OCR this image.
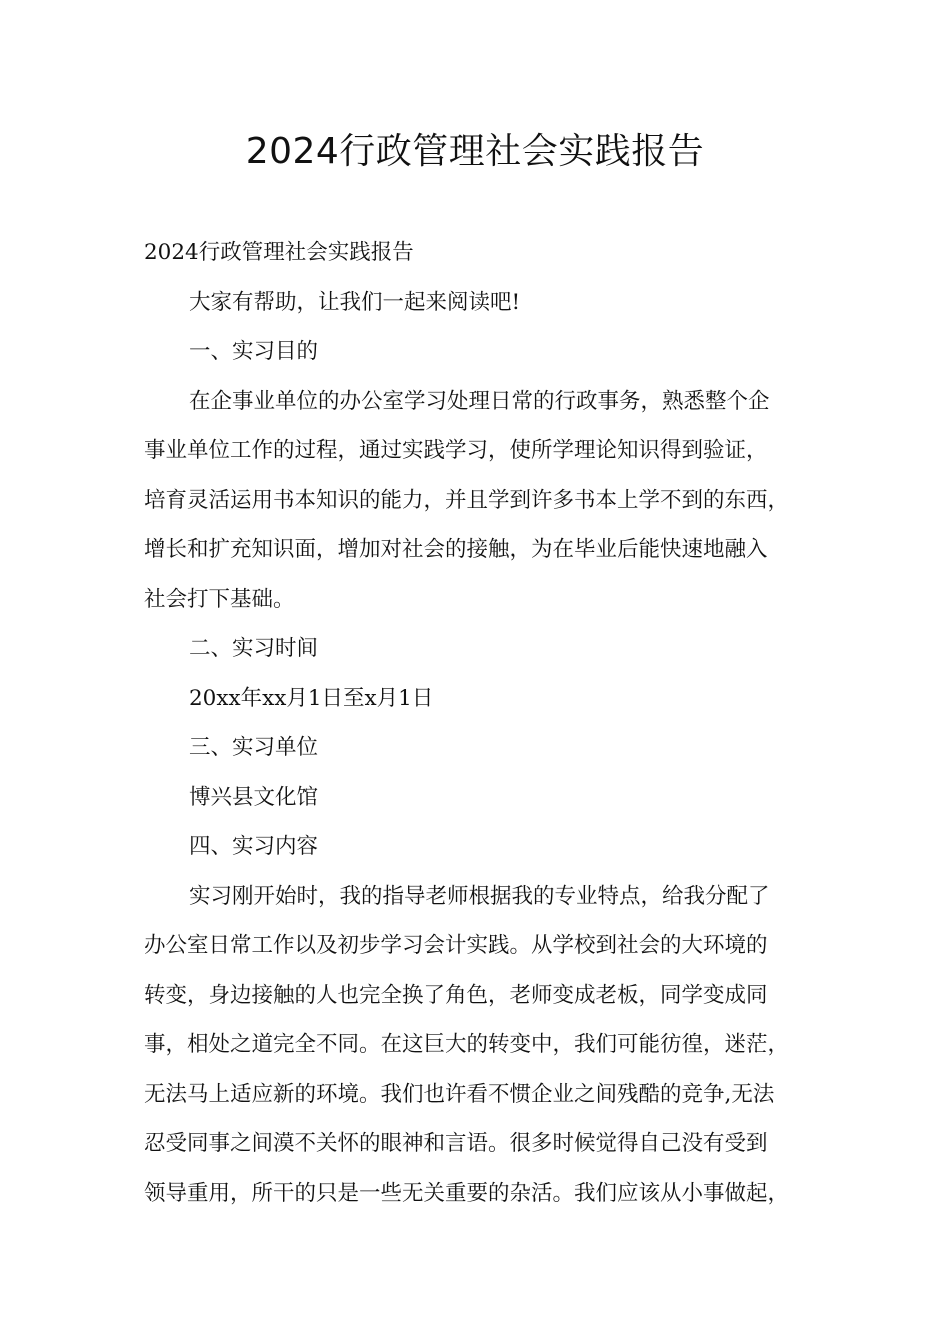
2024行政管理社会实践报告

2024行政管理社会实践报告

大家有帮助，让我们一起来阅读吧!

一、实习目的

在企事业单位的办公室学习处理日常的行政事务，熟悉整个企

事业单位工作的过程，通过实践学习，使所学理论知识得到验证，

培育灵活运用书本知识的能力，并且学到许多书本上学不到的东西，

增长和扩充知识面，增加对社会的接触，为在毕业后能快速地融入

社会打下基础。

二、实习时间

20xx年xx月1日至x月1日

三、实习单位

博兴县文化馆

四、实习内容

实习刚开始时，我的指导老师根据我的专业特点，给我分配了

办公室日常工作以及初步学习会计实践。从学校到社会的大环境的

转变，身边接触的人也完全换了角色，老师变成老板，同学变成同

事，相处之道完全不同。在这巨大的转变中，我们可能彷徨，迷茫，

无法马上适应新的环境。我们也许看不惯企业之间残酷的竞争,无法

忍受同事之间漠不关怀的眼神和言语。很多时候觉得自己没有受到

领导重用，所干的只是一些无关重要的杂活。我们应该从小事做起，
